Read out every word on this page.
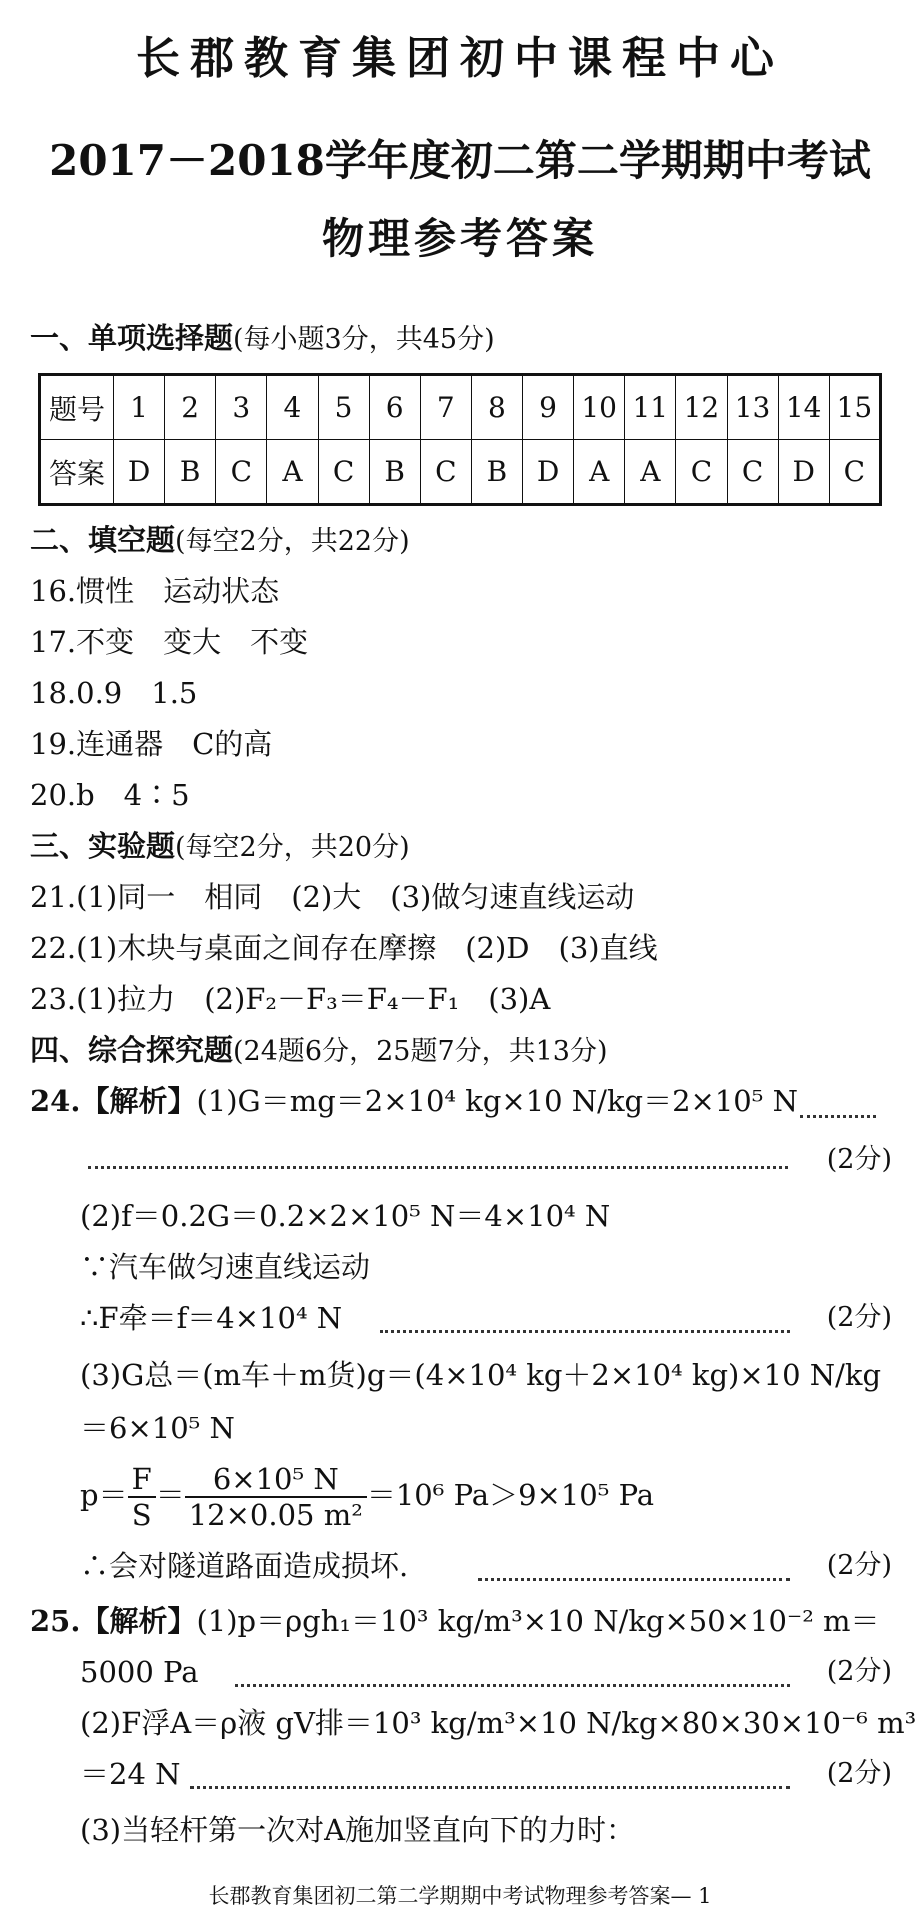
长郡教育集团初中课程中心
2017－2018学年度初二第二学期期中考试
物理参考答案
一、单项选择题(每小题3分，共45分)
题号	1	2	3	4	5	6	7	8	9	10	11	12	13	14	15
答案	D	B	C	A	C	B	C	B	D	A	A	C	C	D	C
二、填空题(每空2分，共22分)
16.惯性　运动状态
17.不变　变大　不变
18.0.9　1.5
19.连通器　C的高
20.b　4∶5
三、实验题(每空2分，共20分)
21.(1)同一　相同　(2)大　(3)做匀速直线运动
22.(1)木块与桌面之间存在摩擦　(2)D　(3)直线
23.(1)拉力　(2)F₂－F₃＝F₄－F₁　(3)A
四、综合探究题(24题6分，25题7分，共13分)
24.【解析】(1)G＝mg＝2×10⁴ kg×10 N/kg＝2×10⁵ N
(2分)
(2)f＝0.2G＝0.2×2×10⁵ N＝4×10⁴ N
∵汽车做匀速直线运动
∴F牵＝f＝4×10⁴ N	(2分)
(3)G总＝(m车＋m货)g＝(4×10⁴ kg＋2×10⁴ kg)×10 N/kg
＝6×10⁵ N
$p= \frac{F}{S} = \frac{\text{6×10⁵ N}}{\text{12×0.05 m²}} =10^6$ Pa＞9×10⁵ Pa
∴会对隧道路面造成损坏.	(2分)
25.【解析】(1)p＝ρgh₁＝10³ kg/m³×10 N/kg×50×10⁻² m＝
5000 Pa	(2分)
(2)F浮A＝ρ液 gV排＝10³ kg/m³×10 N/kg×80×30×10⁻⁶ m³
＝24 N	(2分)
(3)当轻杆第一次对A施加竖直向下的力时：
长郡教育集团初二第二学期期中考试物理参考答案— 1
